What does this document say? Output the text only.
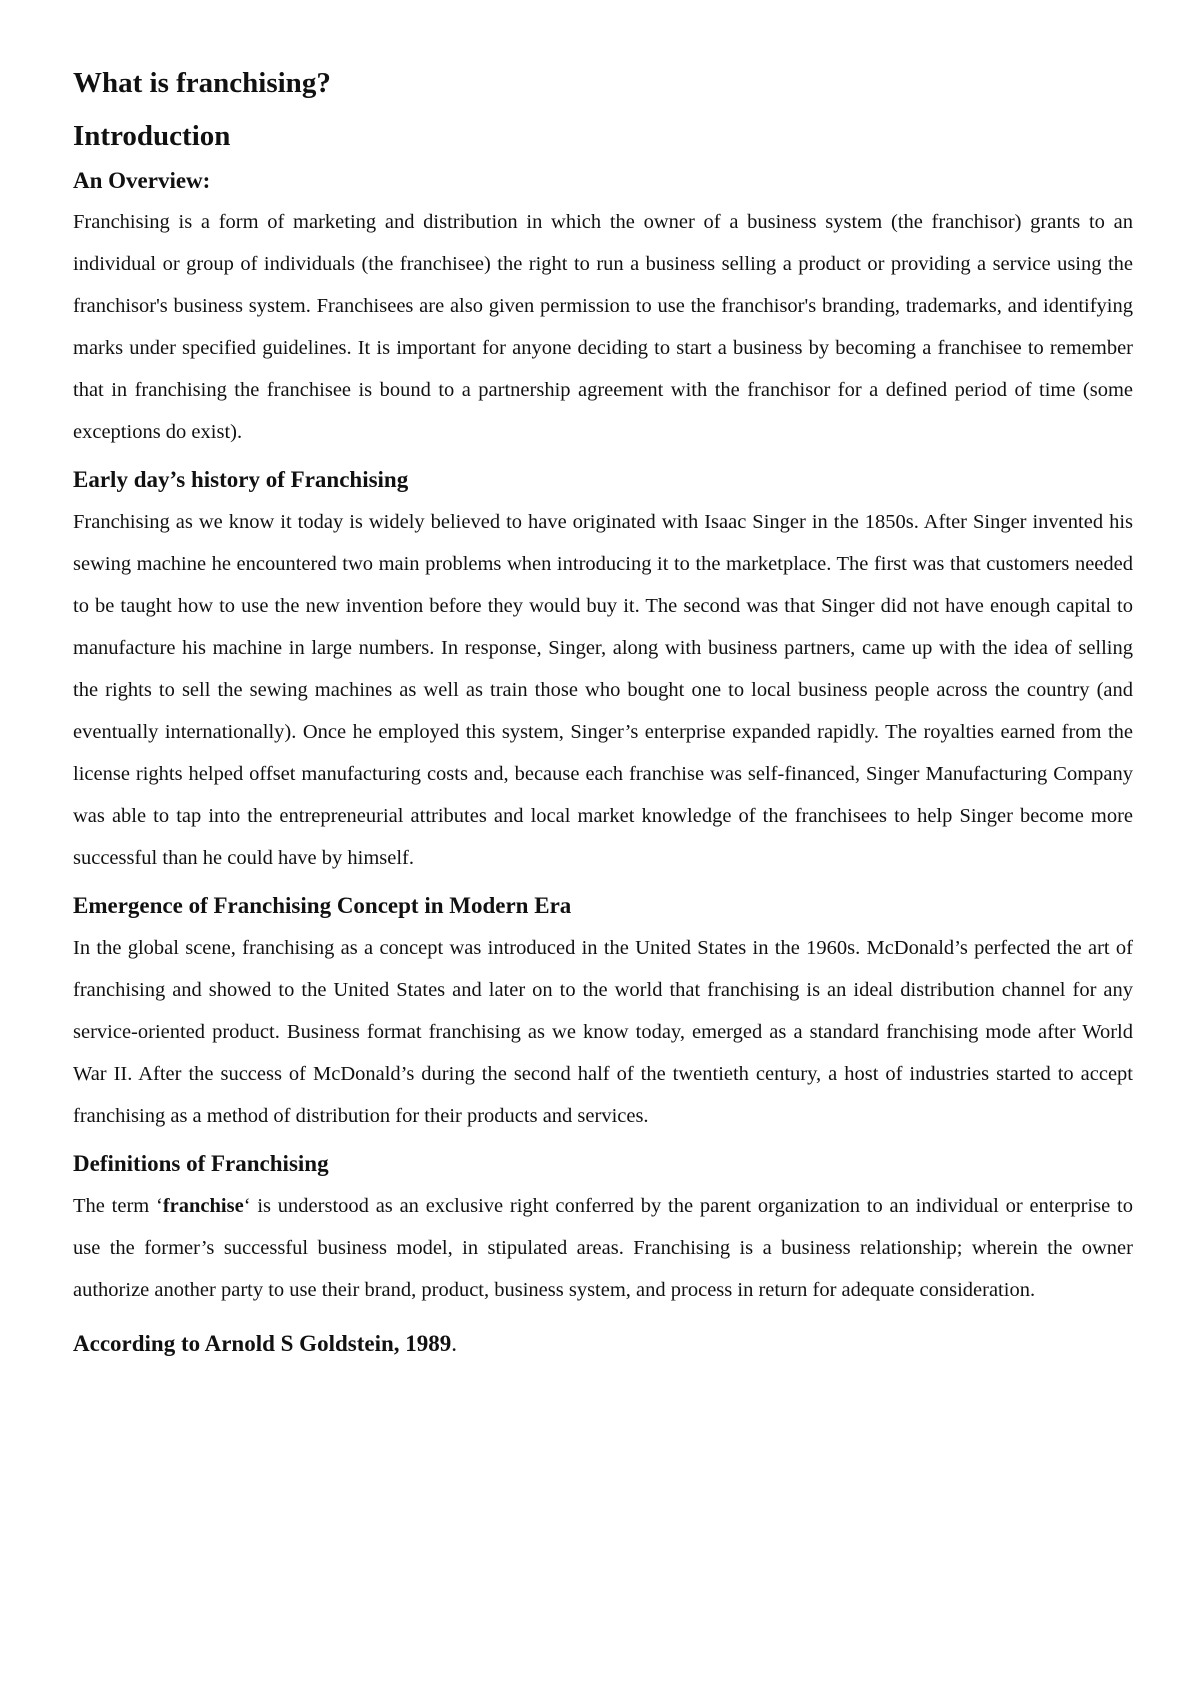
What is franchising?
Introduction
An Overview:

Franchising is a form of marketing and distribution in which the owner of a business system (the franchisor) grants to an individual or group of individuals (the franchisee) the right to run a business selling a product or providing a service using the franchisor's business system. Franchisees are also given permission to use the franchisor's branding, trademarks, and identifying marks under specified guidelines. It is important for anyone deciding to start a business by becoming a franchisee to remember that in franchising the franchisee is bound to a partnership agreement with the franchisor for a defined period of time (some exceptions do exist).

Early day’s history of Franchising

Franchising as we know it today is widely believed to have originated with Isaac Singer in the 1850s. After Singer invented his sewing machine he encountered two main problems when introducing it to the marketplace. The first was that customers needed to be taught how to use the new invention before they would buy it. The second was that Singer did not have enough capital to manufacture his machine in large numbers. In response, Singer, along with business partners, came up with the idea of selling the rights to sell the sewing machines as well as train those who bought one to local business people across the country (and eventually internationally). Once he employed this system, Singer’s enterprise expanded rapidly. The royalties earned from the license rights helped offset manufacturing costs and, because each franchise was self-financed, Singer Manufacturing Company was able to tap into the entrepreneurial attributes and local market knowledge of the franchisees to help Singer become more successful than he could have by himself.

Emergence of Franchising Concept in Modern Era

In the global scene, franchising as a concept was introduced in the United States in the 1960s. McDonald’s perfected the art of franchising and showed to the United States and later on to the world that franchising is an ideal distribution channel for any service-oriented product. Business format franchising as we know today, emerged as a standard franchising mode after World War II. After the success of McDonald’s during the second half of the twentieth century, a host of industries started to accept franchising as a method of distribution for their products and services.

Definitions of Franchising

The term ‘franchise‘ is understood as an exclusive right conferred by the parent organization to an individual or enterprise to use the former’s successful business model, in stipulated areas. Franchising is a business relationship; wherein the owner authorize another party to use their brand, product, business system, and process in return for adequate consideration.

According to Arnold S Goldstein, 1989.
